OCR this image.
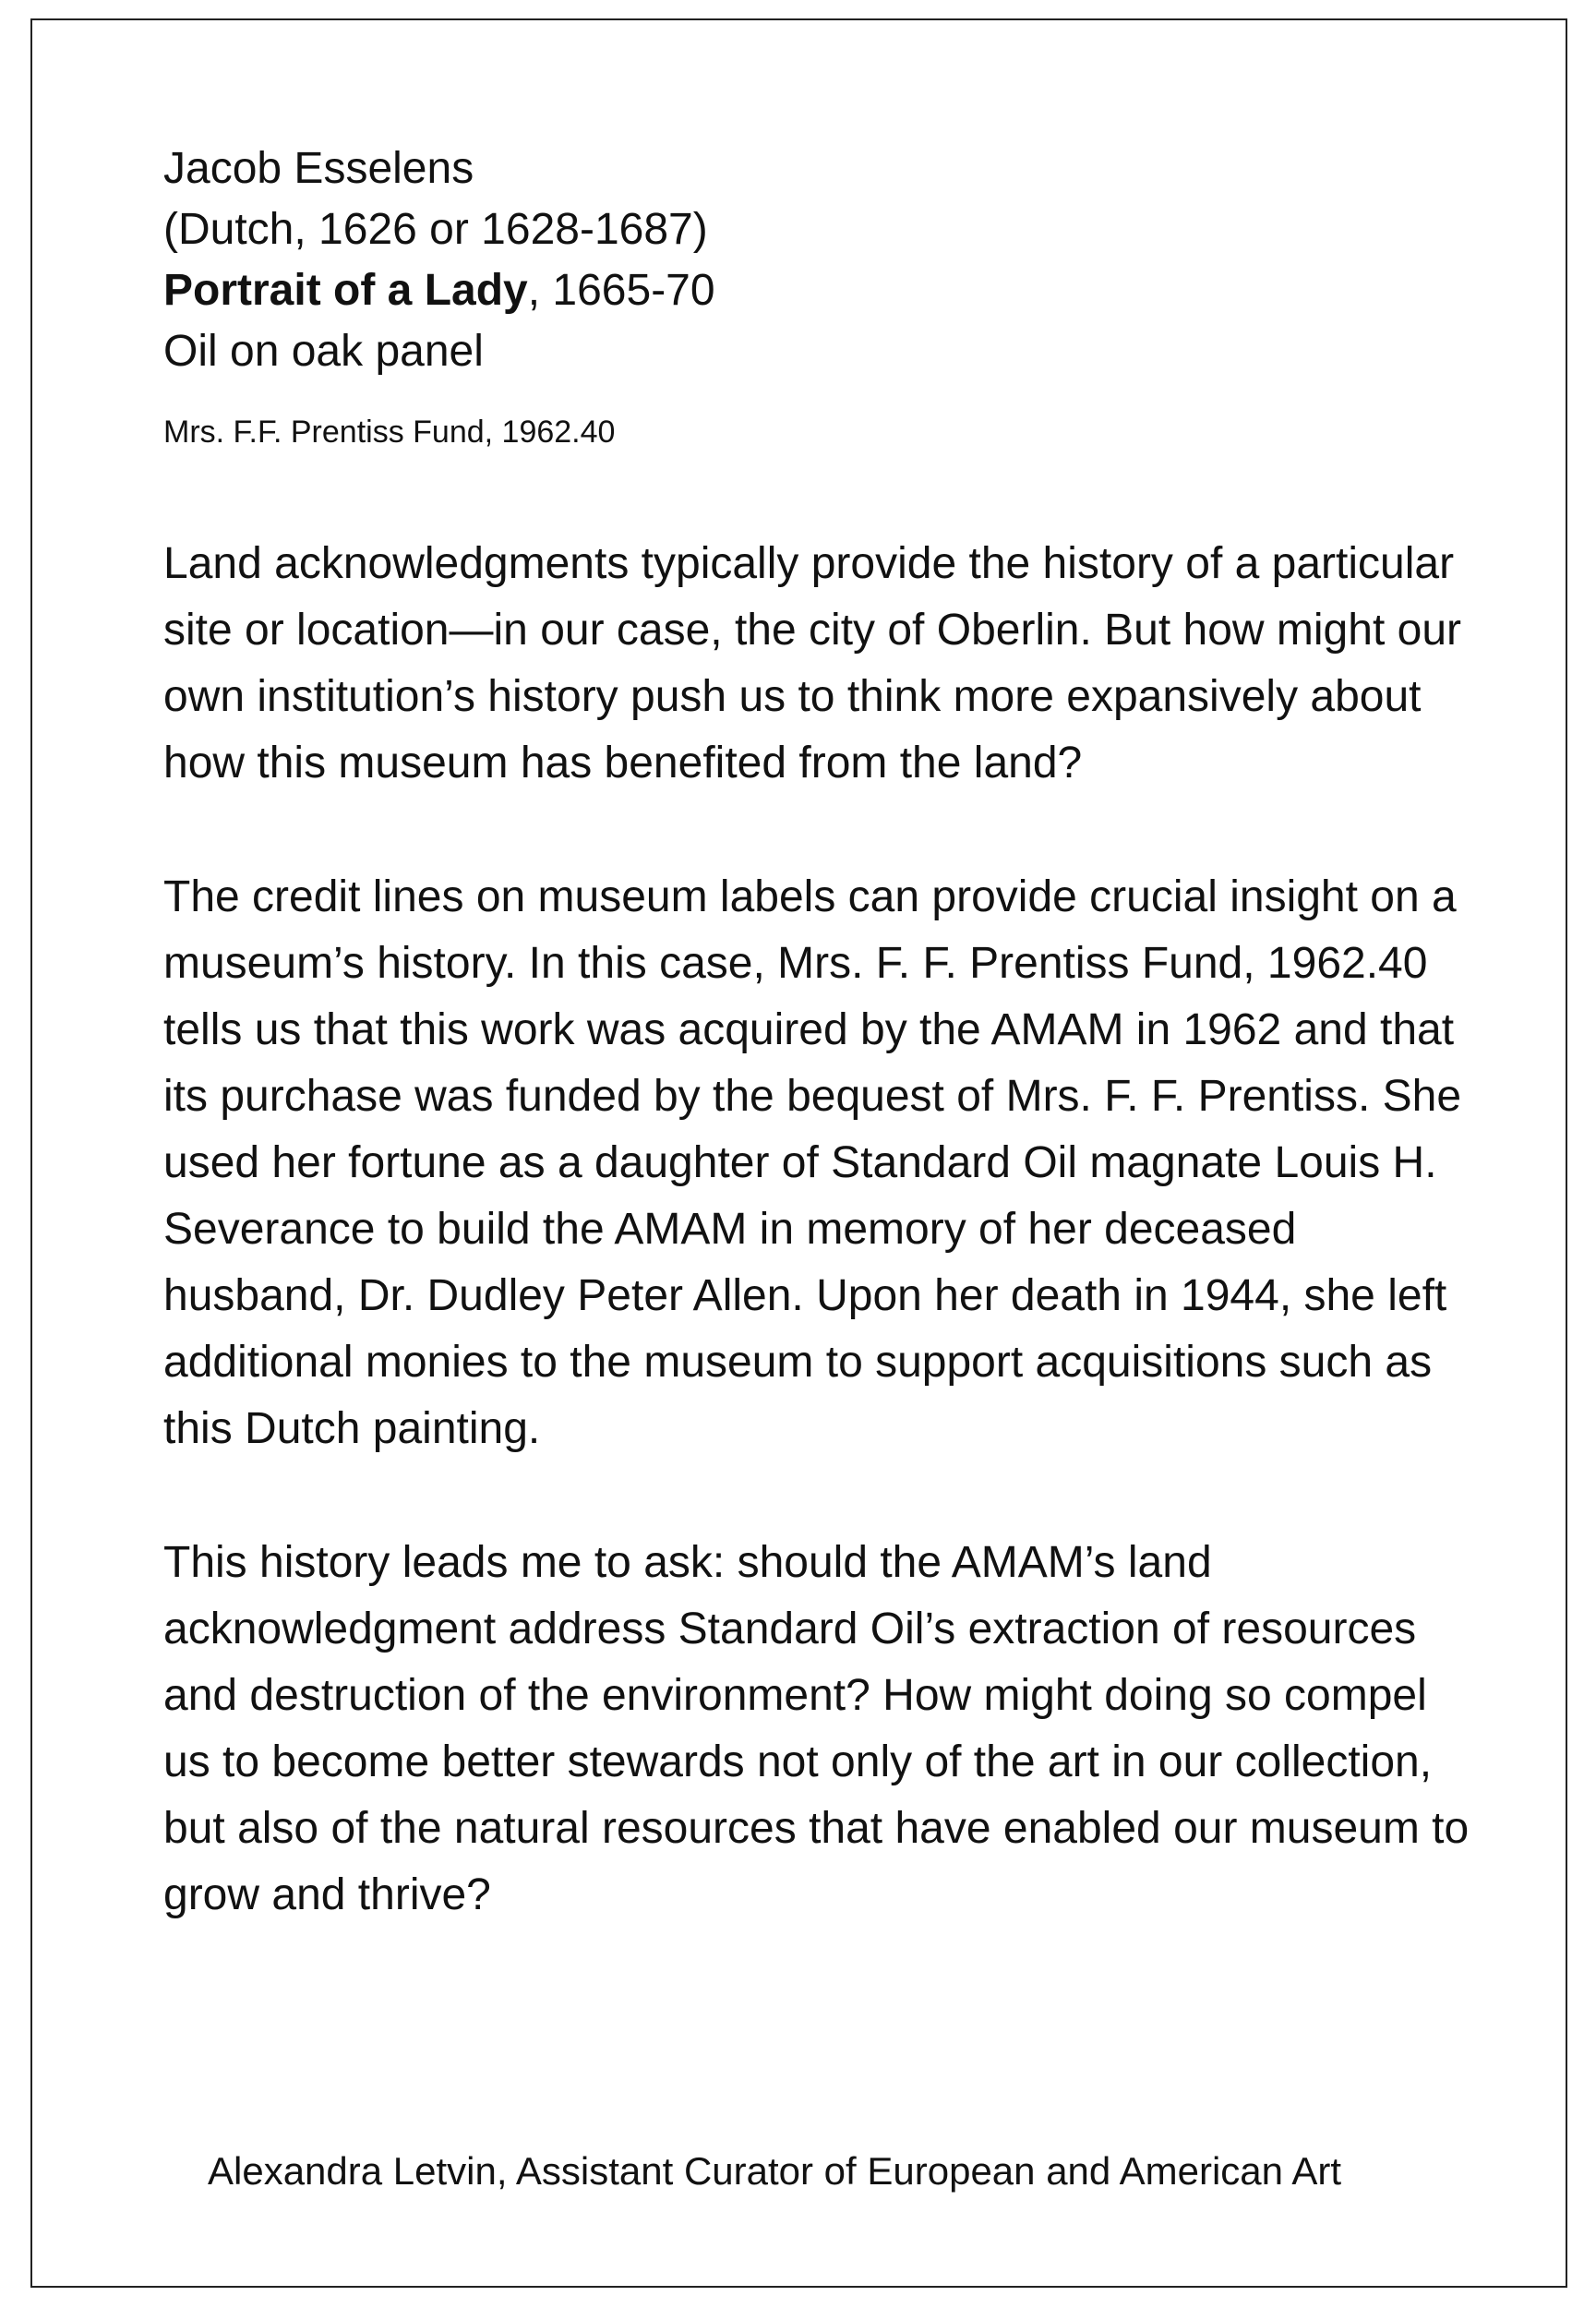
Jacob Esselens
(Dutch, 1626 or 1628-1687)
Portrait of a Lady, 1665-70
Oil on oak panel
Mrs. F.F. Prentiss Fund, 1962.40

Land acknowledgments typically provide the history of a particular site or location—in our case, the city of Oberlin. But how might our own institution’s history push us to think more expansively about how this museum has benefited from the land?

The credit lines on museum labels can provide crucial insight on a museum’s history. In this case, Mrs. F. F. Prentiss Fund, 1962.40 tells us that this work was acquired by the AMAM in 1962 and that its purchase was funded by the bequest of Mrs. F. F. Prentiss. She used her fortune as a daughter of Standard Oil magnate Louis H. Severance to build the AMAM in memory of her deceased husband, Dr. Dudley Peter Allen. Upon her death in 1944, she left additional monies to the museum to support acquisitions such as this Dutch painting.

This history leads me to ask: should the AMAM’s land acknowledgment address Standard Oil’s extraction of resources and destruction of the environment? How might doing so compel us to become better stewards not only of the art in our collection, but also of the natural resources that have enabled our museum to grow and thrive?

Alexandra Letvin, Assistant Curator of European and American Art
